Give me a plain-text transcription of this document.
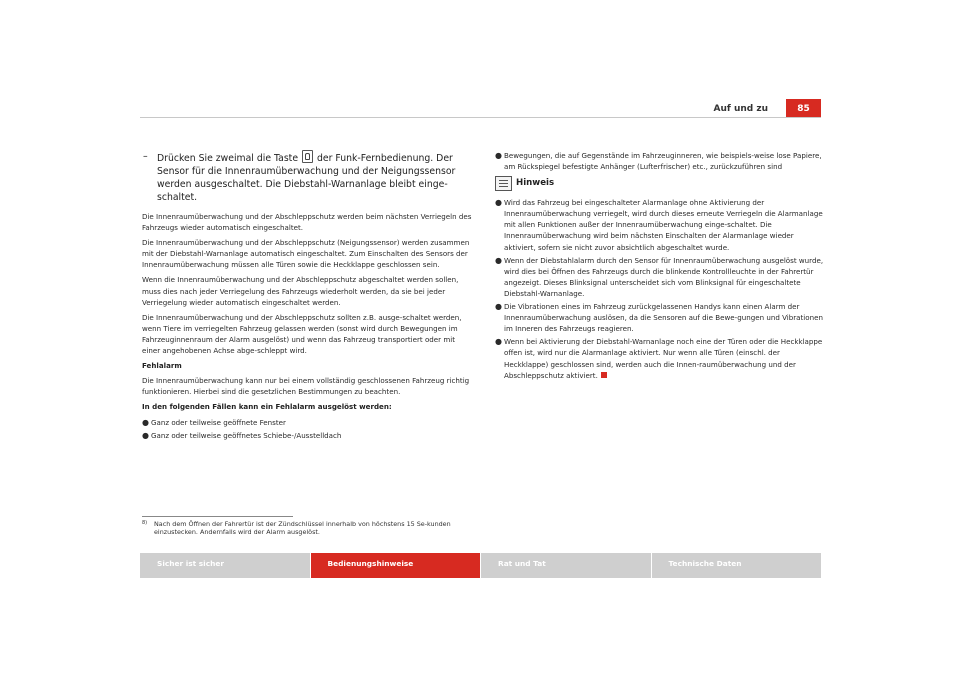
Auf und zu	85
–	Drücken Sie zweimal die Taste der Funk-Fernbedienung. Der Sensor für die Innenraumüberwachung und der Neigungssensor werden ausgeschaltet. Die Diebstahl-Warnanlage bleibt einge-schaltet.

Die Innenraumüberwachung und der Abschleppschutz werden beim nächsten Verriegeln des Fahrzeugs wieder automatisch eingeschaltet.

Die Innenraumüberwachung und der Abschleppschutz (Neigungssensor) werden zusammen mit der Diebstahl-Warnanlage automatisch eingeschaltet. Zum Einschalten des Sensors der Innenraumüberwachung müssen alle Türen sowie die Heckklappe geschlossen sein.

Wenn die Innenraumüberwachung und der Abschleppschutz abgeschaltet werden sollen, muss dies nach jeder Verriegelung des Fahrzeugs wiederholt werden, da sie bei jeder Verriegelung wieder automatisch eingeschaltet werden.

Die Innenraumüberwachung und der Abschleppschutz sollten z.B. ausge-schaltet werden, wenn Tiere im verriegelten Fahrzeug gelassen werden (sonst wird durch Bewegungen im Fahrzeuginnenraum der Alarm ausgelöst) und wenn das Fahrzeug transportiert oder mit einer angehobenen Achse abge-schleppt wird.

Fehlalarm

Die Innenraumüberwachung kann nur bei einem vollständig geschlossenen Fahrzeug richtig funktionieren. Hierbei sind die gesetzlichen Bestimmungen zu beachten.

In den folgenden Fällen kann ein Fehlalarm ausgelöst werden:

● Ganz oder teilweise geöffnete Fenster
● Ganz oder teilweise geöffnetes Schiebe-/Ausstelldach
8)	Nach dem Öffnen der Fahrertür ist der Zündschlüssel innerhalb von höchstens 15 Se-kunden einzustecken. Andernfalls wird der Alarm ausgelöst.
● Bewegungen, die auf Gegenstände im Fahrzeuginneren, wie beispiels-weise lose Papiere, am Rückspiegel befestigte Anhänger (Lufterfrischer) etc., zurückzuführen sind
Hinweis
● Wird das Fahrzeug bei eingeschalteter Alarmanlage ohne Aktivierung der Innenraumüberwachung verriegelt, wird durch dieses erneute Verriegeln die Alarmanlage mit allen Funktionen außer der Innenraumüberwachung einge-schaltet. Die Innenraumüberwachung wird beim nächsten Einschalten der Alarmanlage wieder aktiviert, sofern sie nicht zuvor absichtlich abgeschaltet wurde.
● Wenn der Diebstahlalarm durch den Sensor für Innenraumüberwachung ausgelöst wurde, wird dies bei Öffnen des Fahrzeugs durch die blinkende Kontrollleuchte in der Fahrertür angezeigt. Dieses Blinksignal unterscheidet sich vom Blinksignal für eingeschaltete Diebstahl-Warnanlage.
● Die Vibrationen eines im Fahrzeug zurückgelassenen Handys kann einen Alarm der Innenraumüberwachung auslösen, da die Sensoren auf die Bewe-gungen und Vibrationen im Inneren des Fahrzeugs reagieren.
● Wenn bei Aktivierung der Diebstahl-Warnanlage noch eine der Türen oder die Heckklappe offen ist, wird nur die Alarmanlage aktiviert. Nur wenn alle Türen (einschl. der Heckklappe) geschlossen sind, werden auch die Innen-raumüberwachung und der Abschleppschutz aktiviert.
Sicher ist sicher	Bedienungshinweise	Rat und Tat	Technische Daten
